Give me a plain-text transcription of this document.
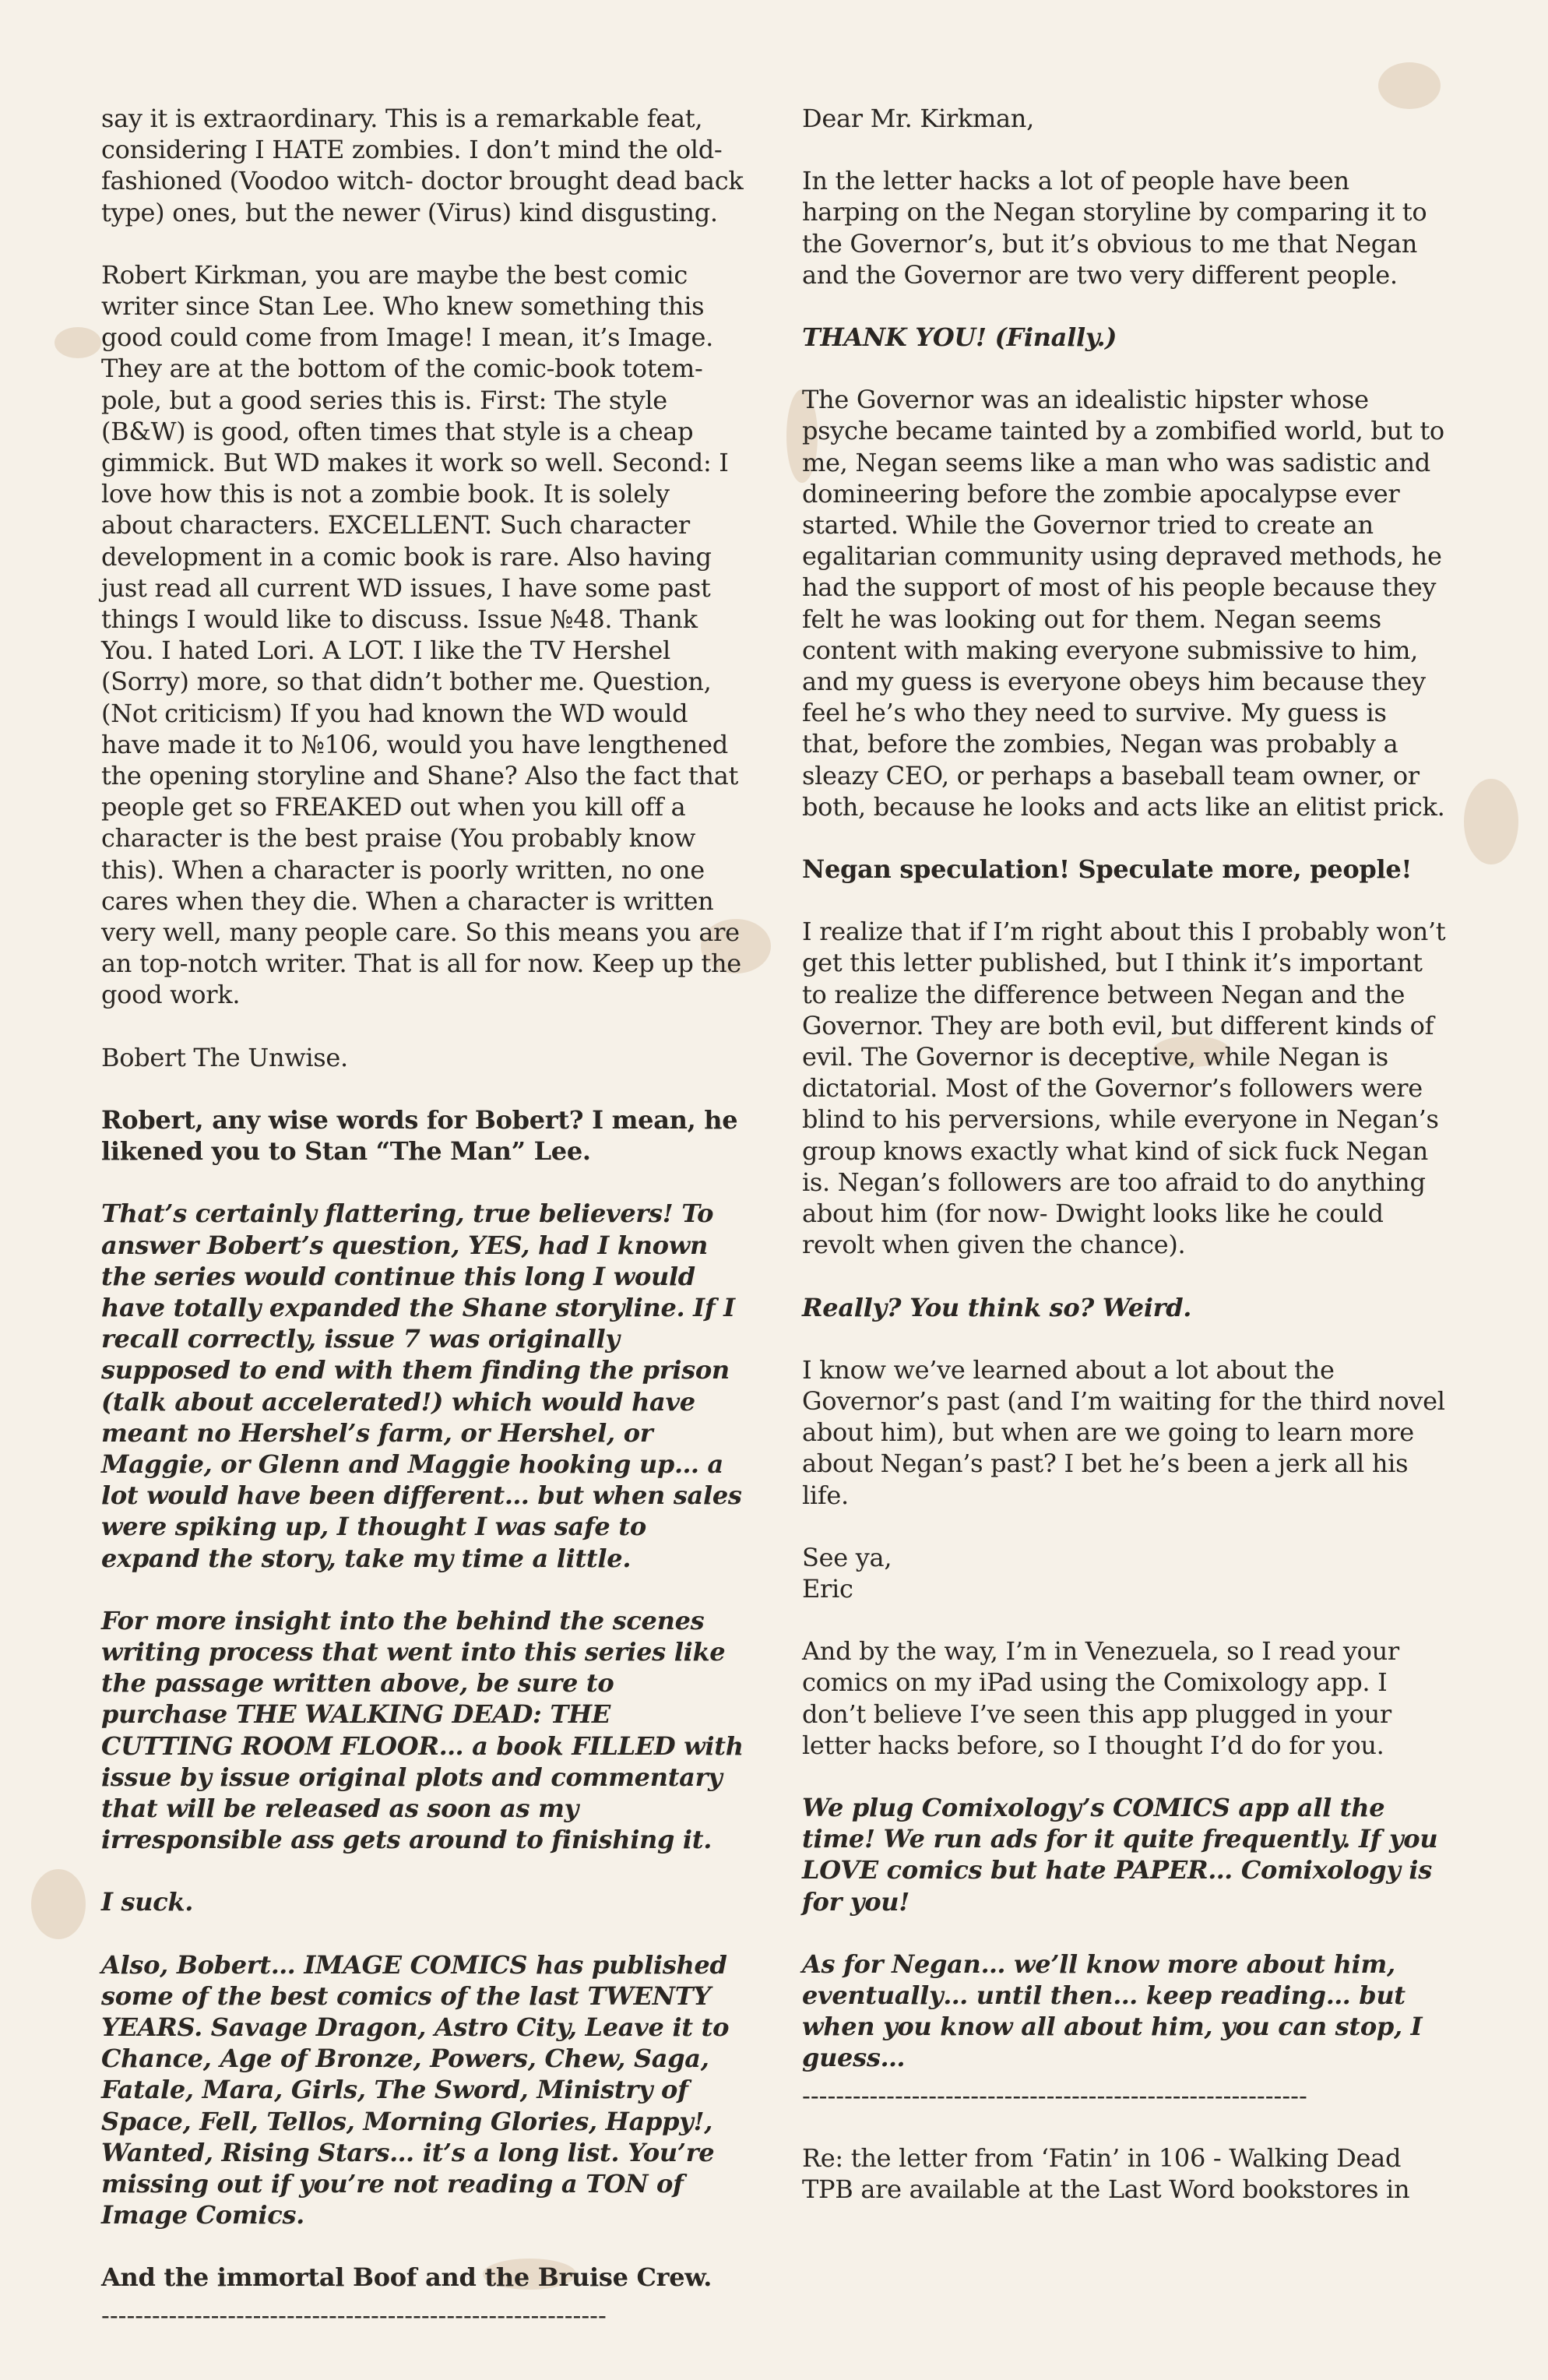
say it is extraordinary. This is a remarkable feat, considering I HATE zombies. I don’t mind the old-fashioned (Voodoo witch- doctor brought dead back type) ones, but the newer (Virus) kind disgusting.

Robert Kirkman, you are maybe the best comic writer since Stan Lee. Who knew something this good could come from Image! I mean, it’s Image. They are at the bottom of the comic-book totem-pole, but a good series this is. First: The style (B&W) is good, often times that style is a cheap gimmick. But WD makes it work so well. Second: I love how this is not a zombie book. It is solely about characters. EXCELLENT. Such character development in a comic book is rare. Also having just read all current WD issues, I have some past things I would like to discuss. Issue №48. Thank You. I hated Lori. A LOT. I like the TV Hershel (Sorry) more, so that didn’t bother me. Question, (Not criticism) If you had known the WD would have made it to №106, would you have lengthened the opening storyline and Shane? Also the fact that people get so FREAKED out when you kill off a character is the best praise (You probably know this). When a character is poorly written, no one cares when they die. When a character is written very well, many people care. So this means you are an top-notch writer. That is all for now. Keep up the good work.

Bobert The Unwise.

Robert, any wise words for Bobert? I mean, he likened you to Stan “The Man” Lee.

That’s certainly flattering, true believers! To answer Bobert’s question, YES, had I known the series would continue this long I would have totally expanded the Shane storyline. If I recall correctly, issue 7 was originally supposed to end with them finding the prison (talk about accelerated!) which would have meant no Hershel’s farm, or Hershel, or Maggie, or Glenn and Maggie hooking up… a lot would have been different… but when sales were spiking up, I thought I was safe to expand the story, take my time a little.

For more insight into the behind the scenes writing process that went into this series like the passage written above, be sure to purchase THE WALKING DEAD: THE CUTTING ROOM FLOOR… a book FILLED with issue by issue original plots and commentary that will be released as soon as my irresponsible ass gets around to finishing it.

I suck.

Also, Bobert… IMAGE COMICS has published some of the best comics of the last TWENTY YEARS. Savage Dragon, Astro City, Leave it to Chance, Age of Bronze, Powers, Chew, Saga, Fatale, Mara, Girls, The Sword, Ministry of Space, Fell, Tellos, Morning Glories, Happy!, Wanted, Rising Stars… it’s a long list. You’re missing out if you’re not reading a TON of Image Comics.

And the immortal Boof and the Bruise Crew.

------------------------------------------------------------

Dear Mr. Kirkman,

In the letter hacks a lot of people have been harping on the Negan storyline by comparing it to the Governor’s, but it’s obvious to me that Negan and the Governor are two very different people.

THANK YOU! (Finally.)

The Governor was an idealistic hipster whose psyche became tainted by a zombified world, but to me, Negan seems like a man who was sadistic and domineering before the zombie apocalypse ever started. While the Governor tried to create an egalitarian community using depraved methods, he had the support of most of his people because they felt he was looking out for them. Negan seems content with making everyone submissive to him, and my guess is everyone obeys him because they feel he’s who they need to survive. My guess is that, before the zombies, Negan was probably a sleazy CEO, or perhaps a baseball team owner, or both, because he looks and acts like an elitist prick.

Negan speculation! Speculate more, people!

I realize that if I’m right about this I probably won’t get this letter published, but I think it’s important to realize the difference between Negan and the Governor. They are both evil, but different kinds of evil. The Governor is deceptive, while Negan is dictatorial. Most of the Governor’s followers were blind to his perversions, while everyone in Negan’s group knows exactly what kind of sick fuck Negan is. Negan’s followers are too afraid to do anything about him (for now- Dwight looks like he could revolt when given the chance).

Really? You think so? Weird.

I know we’ve learned about a lot about the Governor’s past (and I’m waiting for the third novel about him), but when are we going to learn more about Negan’s past? I bet he’s been a jerk all his life.

See ya,

Eric

And by the way, I’m in Venezuela, so I read your comics on my iPad using the Comixology app. I don’t believe I’ve seen this app plugged in your letter hacks before, so I thought I’d do for you.

We plug Comixology’s COMICS app all the time! We run ads for it quite frequently. If you LOVE comics but hate PAPER… Comixology is for you!

As for Negan… we’ll know more about him, eventually… until then… keep reading… but when you know all about him, you can stop, I guess…

------------------------------------------------------------

Re: the letter from ‘Fatin’ in 106 - Walking Dead TPB are available at the Last Word bookstores in
